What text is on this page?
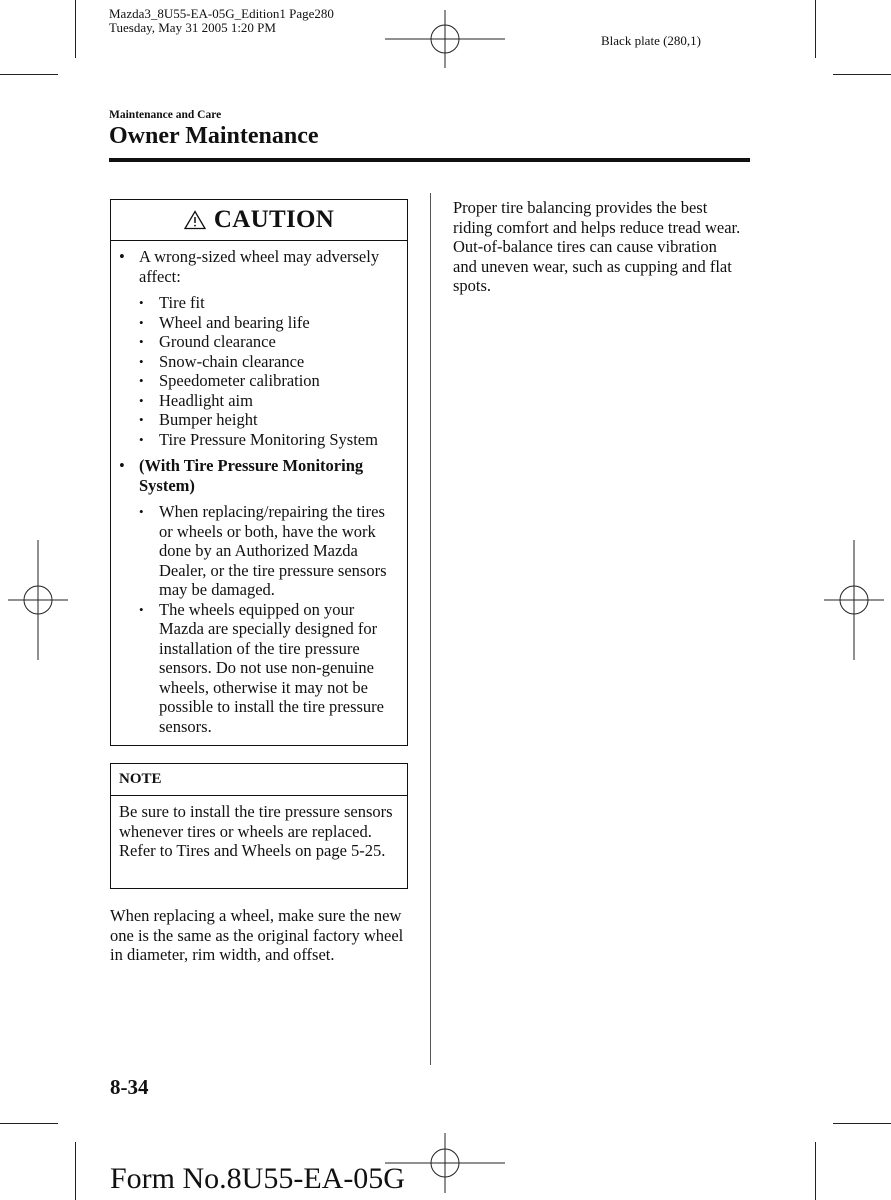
Mazda3_8U55-EA-05G_Edition1 Page280
Tuesday, May 31 2005 1:20 PM
Black plate (280,1)
Maintenance and Care
Owner Maintenance
CAUTION
• A wrong-sized wheel may adversely affect:
• Tire fit
• Wheel and bearing life
• Ground clearance
• Snow-chain clearance
• Speedometer calibration
• Headlight aim
• Bumper height
• Tire Pressure Monitoring System
• (With Tire Pressure Monitoring System)
• When replacing/repairing the tires or wheels or both, have the work done by an Authorized Mazda Dealer, or the tire pressure sensors may be damaged.
• The wheels equipped on your Mazda are specially designed for installation of the tire pressure sensors. Do not use non-genuine wheels, otherwise it may not be possible to install the tire pressure sensors.
NOTE
Be sure to install the tire pressure sensors whenever tires or wheels are replaced. Refer to Tires and Wheels on page 5-25.
When replacing a wheel, make sure the new one is the same as the original factory wheel in diameter, rim width, and offset.
Proper tire balancing provides the best riding comfort and helps reduce tread wear. Out-of-balance tires can cause vibration and uneven wear, such as cupping and flat spots.
8-34
Form No.8U55-EA-05G
